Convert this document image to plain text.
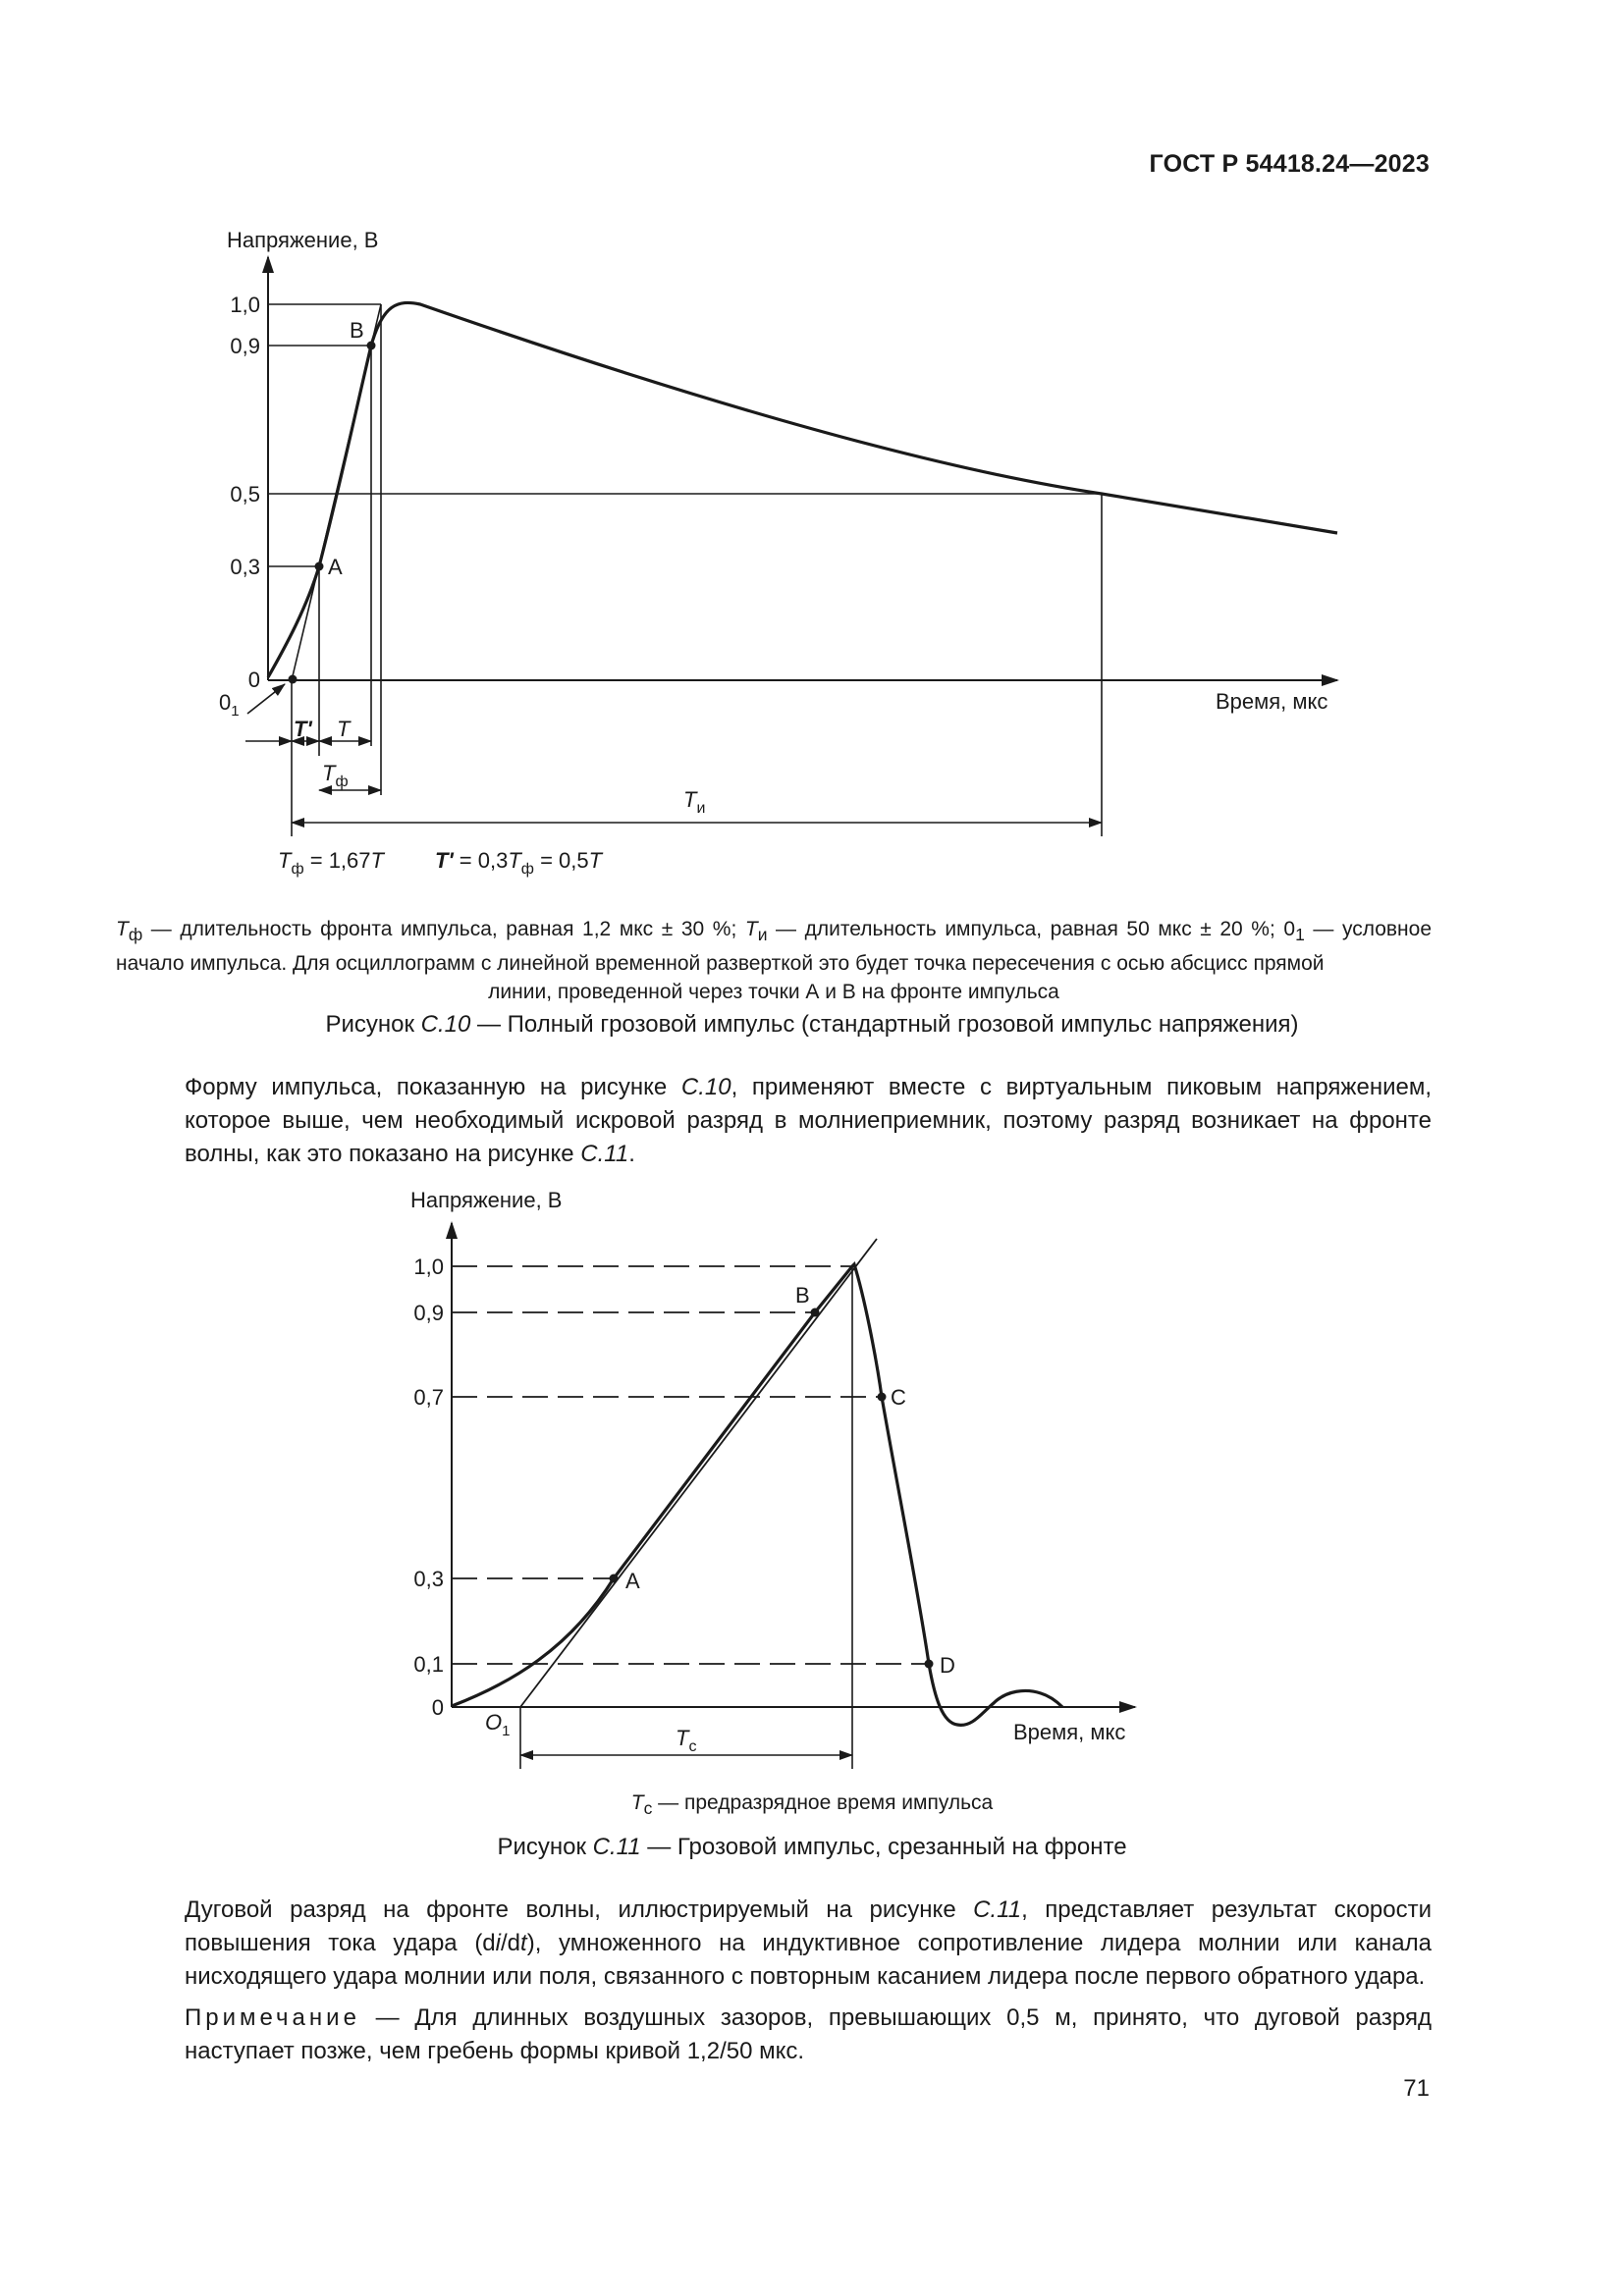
ГОСТ Р 54418.24—2023
Напряжение, В
1,0
0,9
0,5
0,3
0
B
A
Время, мкс
$0_1$
T' T
$T_ф$
$T_и$
$T_ф = 1,67T$ $T' = 0,3T_ф = 0,5T$
$T_ф$ — длительность фронта импульса, равная 1,2 мкс ± 30 %; $T_и$ — длительность импульса, равная 50 мкс ± 20 %; $0_1$ — условное начало импульса. Для осциллограмм с линейной временной разверткой это будет точка пересечения с осью абсцисс прямой
линии, проведенной через точки А и В на фронте импульса
Рисунок С.10 — Полный грозовой импульс (стандартный грозовой импульс напряжения)
Форму импульса, показанную на рисунке С.10, применяют вместе с виртуальным пиковым напряжением, которое выше, чем необходимый искровой разряд в молниеприемник, поэтому разряд возникает на фронте волны, как это показано на рисунке С.11.
Напряжение, В
1,0
0,9
0,7
0,3
0,1
0
B
C
A
D
Время, мкс
$O_1$	$T_c$
$T_c$ — предразрядное время импульса
Рисунок С.11 — Грозовой импульс, срезанный на фронте
Дуговой разряд на фронте волны, иллюстрируемый на рисунке С.11, представляет результат скорости повышения тока удара (di/dt), умноженного на индуктивное сопротивление лидера молнии или канала нисходящего удара молнии или поля, связанного с повторным касанием лидера после первого обратного удара.
Примечание — Для длинных воздушных зазоров, превышающих 0,5 м, принято, что дуговой разряд наступает позже, чем гребень формы кривой 1,2/50 мкс.
71
